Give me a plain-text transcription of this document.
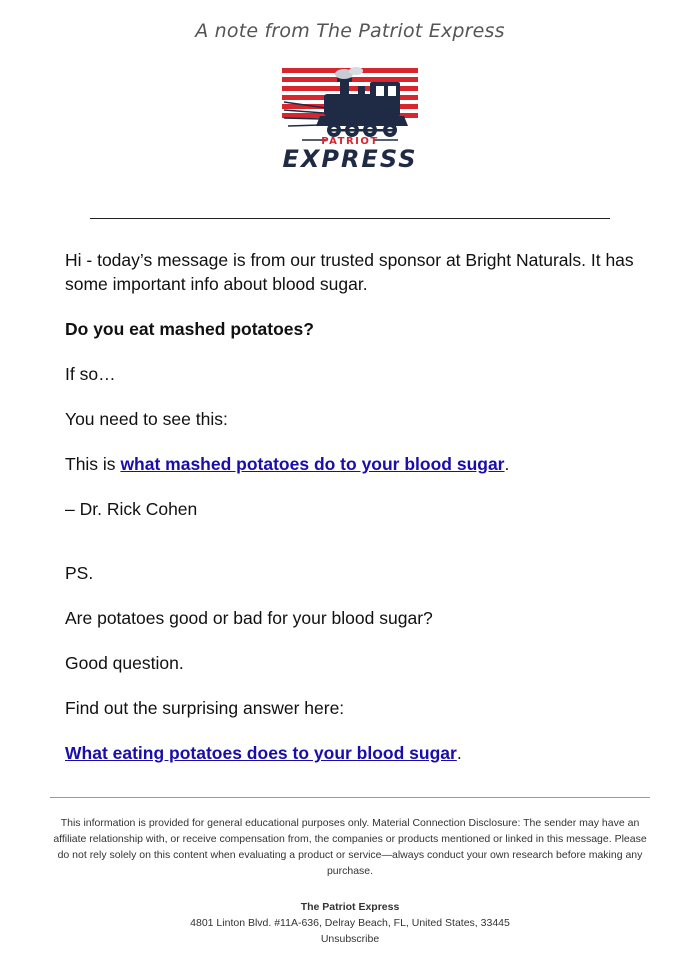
A note from The Patriot Express
PATRIOT
EXPRESS

Hi - today’s message is from our trusted sponsor at Bright Naturals. It has some important info about blood sugar.

Do you eat mashed potatoes?

If so…

You need to see this:

This is what mashed potatoes do to your blood sugar.

– Dr. Rick Cohen

PS.

Are potatoes good or bad for your blood sugar?

Good question.

Find out the surprising answer here:

What eating potatoes does to your blood sugar.

This information is provided for general educational purposes only. Material Connection Disclosure: The sender may have an affiliate relationship with, or receive compensation from, the companies or products mentioned or linked in this message. Please do not rely solely on this content when evaluating a product or service—always conduct your own research before making any purchase.

The Patriot Express
4801 Linton Blvd. #11A-636, Delray Beach, FL, United States, 33445
Unsubscribe
